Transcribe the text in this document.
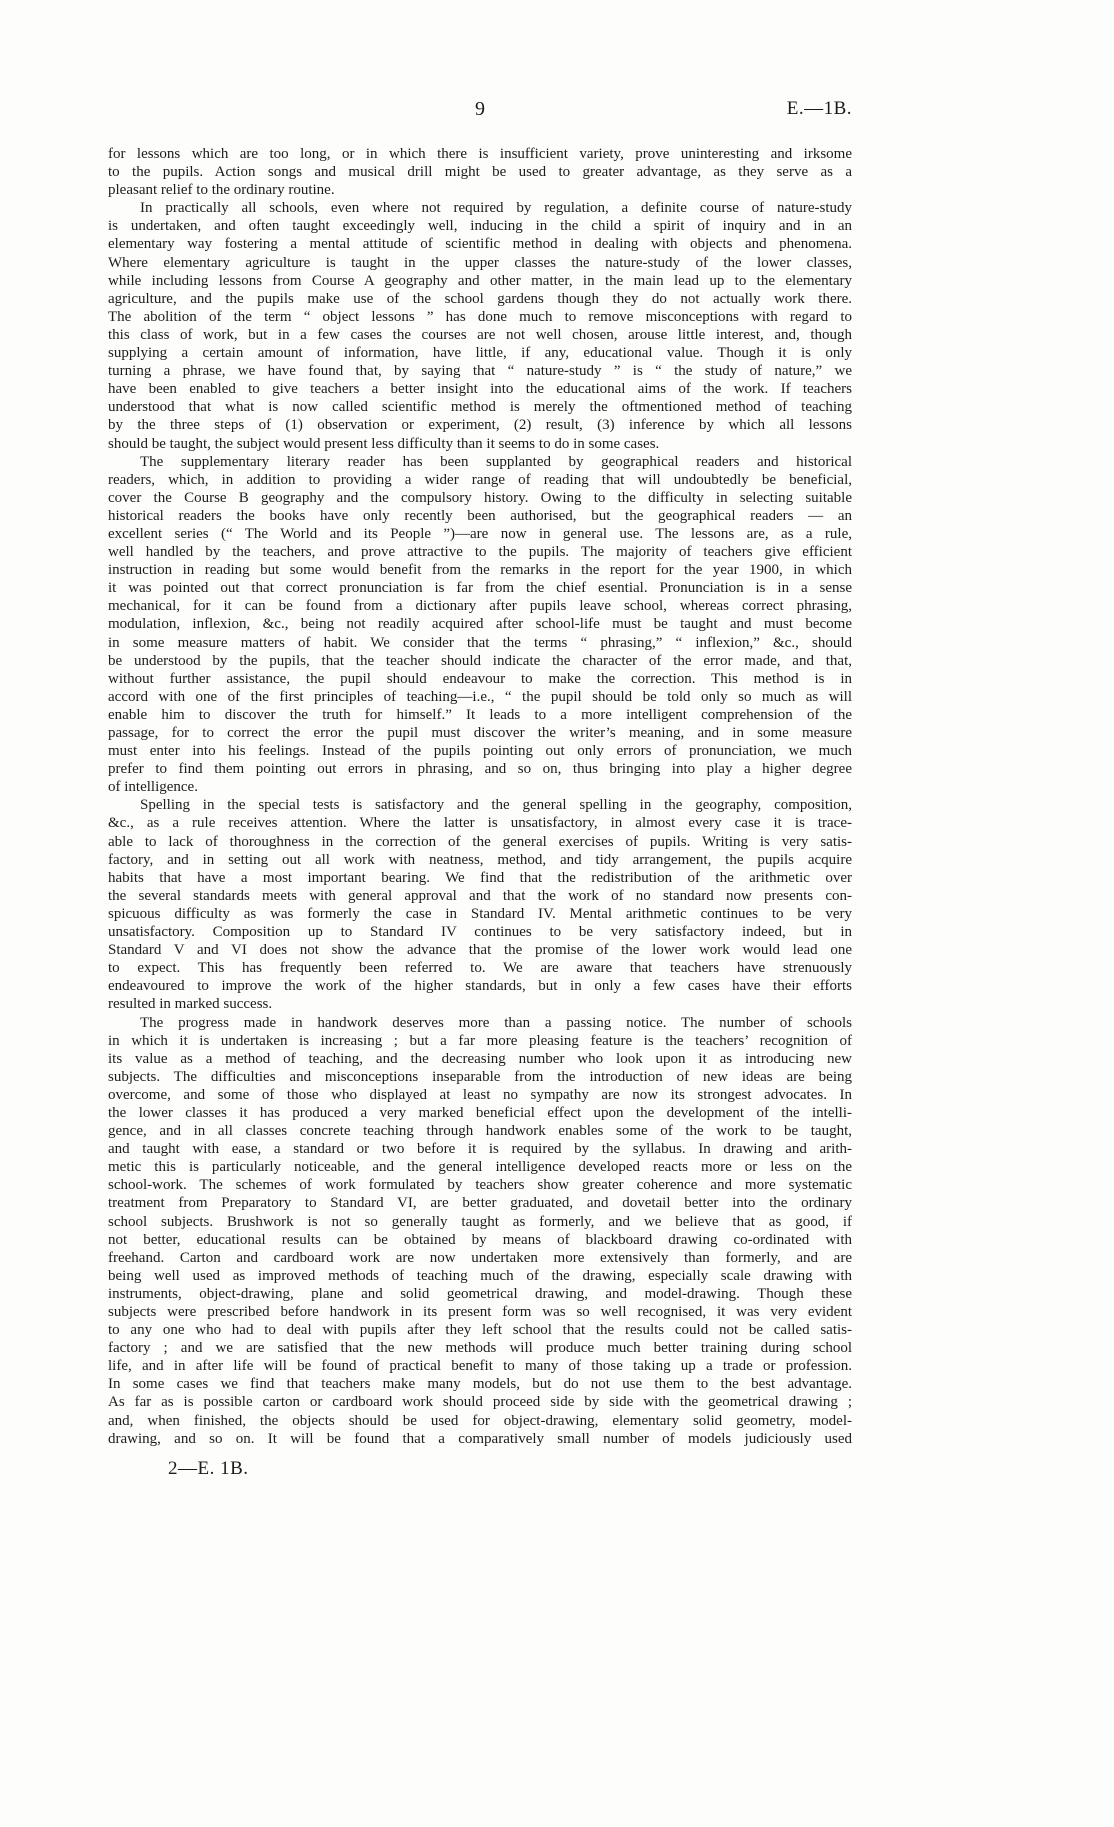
9	E.—1B.
for lessons which are too long, or in which there is insufficient variety, prove uninteresting and irksome
to the pupils. Action songs and musical drill might be used to greater advantage, as they serve as a
pleasant relief to the ordinary routine.
In practically all schools, even where not required by regulation, a definite course of nature-study
is undertaken, and often taught exceedingly well, inducing in the child a spirit of inquiry and in an
elementary way fostering a mental attitude of scientific method in dealing with objects and phenomena.
Where elementary agriculture is taught in the upper classes the nature-study of the lower classes,
while including lessons from Course A geography and other matter, in the main lead up to the elementary
agriculture, and the pupils make use of the school gardens though they do not actually work there.
The abolition of the term “ object lessons ” has done much to remove misconceptions with regard to
this class of work, but in a few cases the courses are not well chosen, arouse little interest, and, though
supplying a certain amount of information, have little, if any, educational value. Though it is only
turning a phrase, we have found that, by saying that “ nature-study ” is “ the study of nature,” we
have been enabled to give teachers a better insight into the educational aims of the work. If teachers
understood that what is now called scientific method is merely the oftmentioned method of teaching
by the three steps of (1) observation or experiment, (2) result, (3) inference by which all lessons
should be taught, the subject would present less difficulty than it seems to do in some cases.
The supplementary literary reader has been supplanted by geographical readers and historical
readers, which, in addition to providing a wider range of reading that will undoubtedly be beneficial,
cover the Course B geography and the compulsory history. Owing to the difficulty in selecting suitable
historical readers the books have only recently been authorised, but the geographical readers — an
excellent series (“ The World and its People ”)—are now in general use. The lessons are, as a rule,
well handled by the teachers, and prove attractive to the pupils. The majority of teachers give efficient
instruction in reading but some would benefit from the remarks in the report for the year 1900, in which
it was pointed out that correct pronunciation is far from the chief esential. Pronunciation is in a sense
mechanical, for it can be found from a dictionary after pupils leave school, whereas correct phrasing,
modulation, inflexion, &c., being not readily acquired after school-life must be taught and must become
in some measure matters of habit. We consider that the terms “ phrasing,” “ inflexion,” &c., should
be understood by the pupils, that the teacher should indicate the character of the error made, and that,
without further assistance, the pupil should endeavour to make the correction. This method is in
accord with one of the first principles of teaching—i.e., “ the pupil should be told only so much as will
enable him to discover the truth for himself.” It leads to a more intelligent comprehension of the
passage, for to correct the error the pupil must discover the writer’s meaning, and in some measure
must enter into his feelings. Instead of the pupils pointing out only errors of pronunciation, we much
prefer to find them pointing out errors in phrasing, and so on, thus bringing into play a higher degree
of intelligence.
Spelling in the special tests is satisfactory and the general spelling in the geography, composition,
&c., as a rule receives attention. Where the latter is unsatisfactory, in almost every case it is trace-
able to lack of thoroughness in the correction of the general exercises of pupils. Writing is very satis-
factory, and in setting out all work with neatness, method, and tidy arrangement, the pupils acquire
habits that have a most important bearing. We find that the redistribution of the arithmetic over
the several standards meets with general approval and that the work of no standard now presents con-
spicuous difficulty as was formerly the case in Standard IV. Mental arithmetic continues to be very
unsatisfactory. Composition up to Standard IV continues to be very satisfactory indeed, but in
Standard V and VI does not show the advance that the promise of the lower work would lead one
to expect. This has frequently been referred to. We are aware that teachers have strenuously
endeavoured to improve the work of the higher standards, but in only a few cases have their efforts
resulted in marked success.
The progress made in handwork deserves more than a passing notice. The number of schools
in which it is undertaken is increasing ; but a far more pleasing feature is the teachers’ recognition of
its value as a method of teaching, and the decreasing number who look upon it as introducing new
subjects. The difficulties and misconceptions inseparable from the introduction of new ideas are being
overcome, and some of those who displayed at least no sympathy are now its strongest advocates. In
the lower classes it has produced a very marked beneficial effect upon the development of the intelli-
gence, and in all classes concrete teaching through handwork enables some of the work to be taught,
and taught with ease, a standard or two before it is required by the syllabus. In drawing and arith-
metic this is particularly noticeable, and the general intelligence developed reacts more or less on the
school-work. The schemes of work formulated by teachers show greater coherence and more systematic
treatment from Preparatory to Standard VI, are better graduated, and dovetail better into the ordinary
school subjects. Brushwork is not so generally taught as formerly, and we believe that as good, if
not better, educational results can be obtained by means of blackboard drawing co-ordinated with
freehand. Carton and cardboard work are now undertaken more extensively than formerly, and are
being well used as improved methods of teaching much of the drawing, especially scale drawing with
instruments, object-drawing, plane and solid geometrical drawing, and model-drawing. Though these
subjects were prescribed before handwork in its present form was so well recognised, it was very evident
to any one who had to deal with pupils after they left school that the results could not be called satis-
factory ; and we are satisfied that the new methods will produce much better training during school
life, and in after life will be found of practical benefit to many of those taking up a trade or profession.
In some cases we find that teachers make many models, but do not use them to the best advantage.
As far as is possible carton or cardboard work should proceed side by side with the geometrical drawing ;
and, when finished, the objects should be used for object-drawing, elementary solid geometry, model-
drawing, and so on. It will be found that a comparatively small number of models judiciously used
2—E. 1B.
